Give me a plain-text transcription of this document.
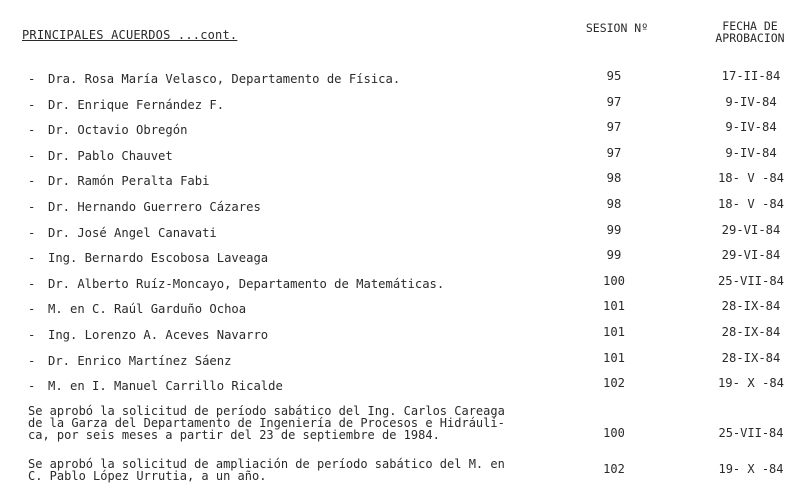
PRINCIPALES ACUERDOS ...cont.	SESION Nº	FECHA DE
APROBACION
- Dra. Rosa María Velasco, Departamento de Física.	95	17-II-84
- Dr. Enrique Fernández F.	97	9-IV-84
- Dr. Octavio Obregón	97	9-IV-84
- Dr. Pablo Chauvet	97	9-IV-84
- Dr. Ramón Peralta Fabi	98	18- V -84
- Dr. Hernando Guerrero Cázares	98	18- V -84
- Dr. José Angel Canavati	99	29-VI-84
- Ing. Bernardo Escobosa Laveaga	99	29-VI-84
- Dr. Alberto Ruíz-Moncayo, Departamento de Matemáticas.	100	25-VII-84
- M. en C. Raúl Garduño Ochoa	101	28-IX-84
- Ing. Lorenzo A. Aceves Navarro	101	28-IX-84
- Dr. Enrico Martínez Sáenz	101	28-IX-84
- M. en I. Manuel Carrillo Ricalde	102	19- X -84
Se aprobó la solicitud de período sabático del Ing. Carlos Careaga
de la Garza del Departamento de Ingeniería de Procesos e Hidráuli-
ca, por seis meses a partir del 23 de septiembre de 1984.	100	25-VII-84
Se aprobó la solicitud de ampliación de período sabático del M. en
C. Pablo López Urrutia, a un año.	102	19- X -84
